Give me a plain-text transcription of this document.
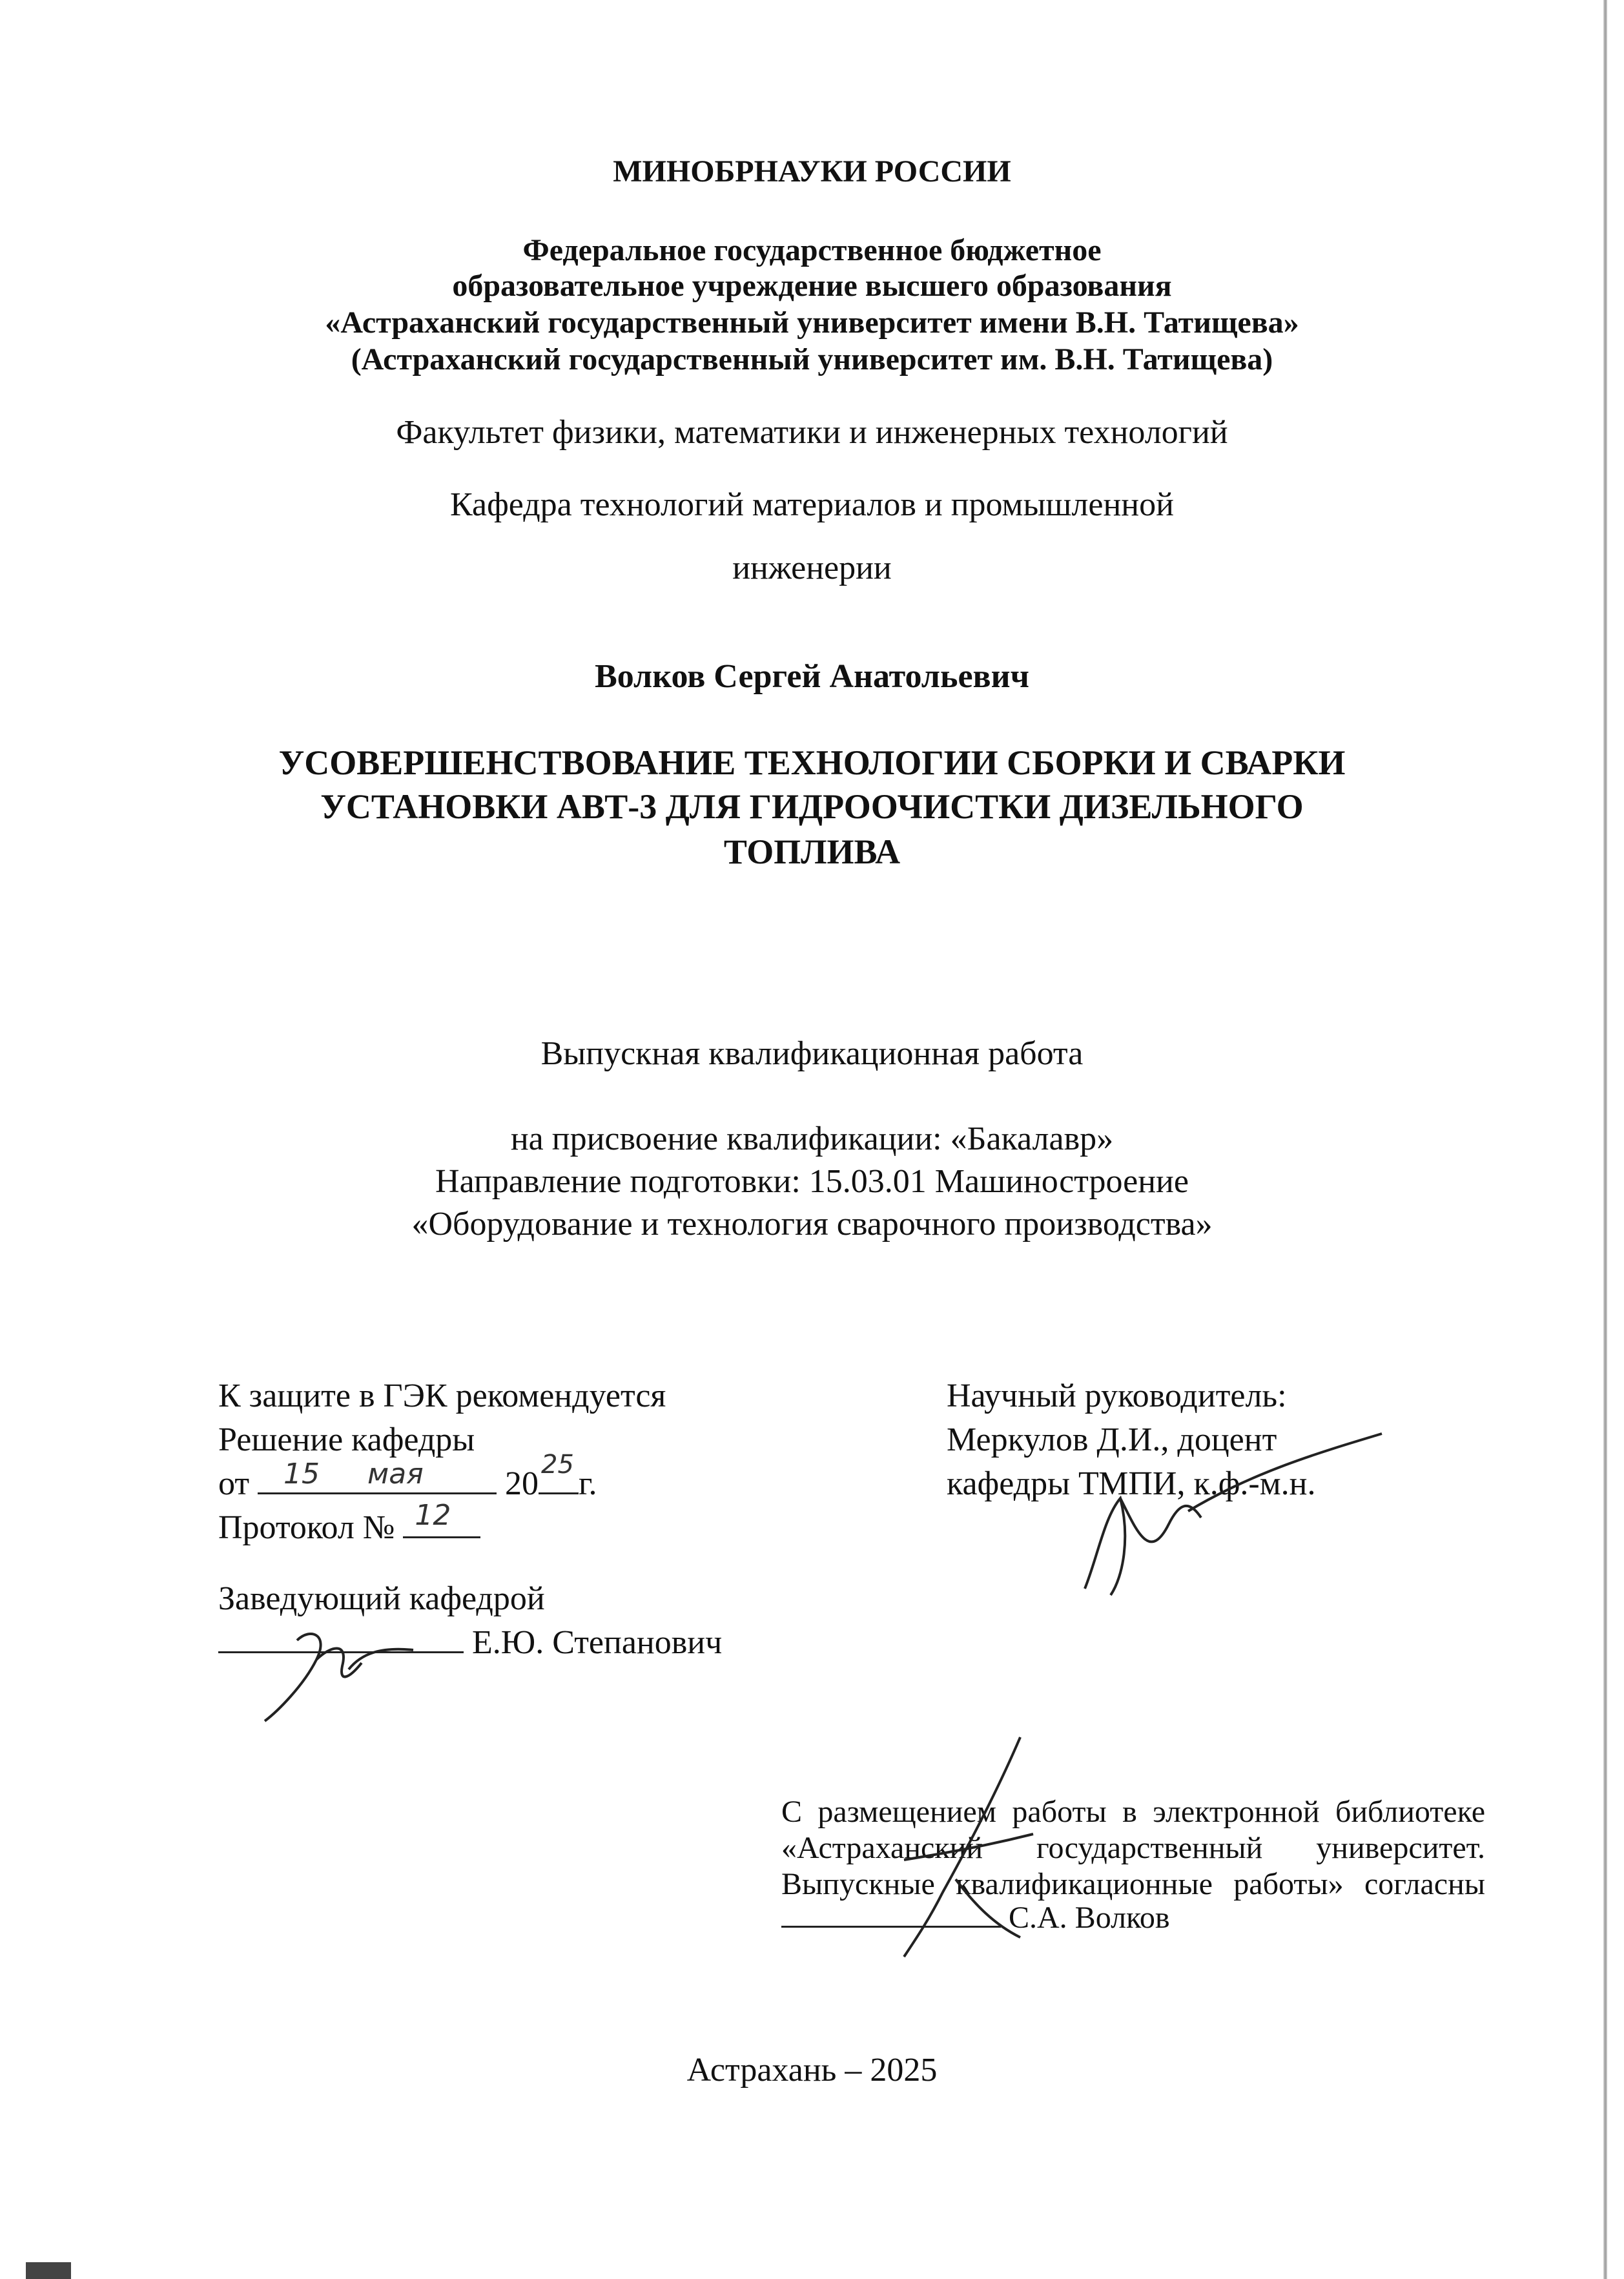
МИНОБРНАУКИ РОССИИ
Федеральное государственное бюджетное
образовательное учреждение высшего образования
«Астраханский государственный университет имени В.Н. Татищева»
(Астраханский государственный университет им. В.Н. Татищева)
Факультет физики, математики и инженерных технологий
Кафедра технологий материалов и промышленной
инженерии
Волков Сергей Анатольевич
УСОВЕРШЕНСТВОВАНИЕ ТЕХНОЛОГИИ СБОРКИ И СВАРКИ
УСТАНОВКИ АВТ-3 ДЛЯ ГИДРООЧИСТКИ ДИЗЕЛЬНОГО
ТОПЛИВА
Выпускная квалификационная работа
на присвоение квалификации: «Бакалавр»
Направление подготовки: 15.03.01 Машиностроение
«Оборудование и технология сварочного производства»
К защите в ГЭК рекомендуется
Решение кафедры
от 15 мая 20
25
г.
Протокол № 12
Заведующий кафедрой
Е.Ю. Степанович
Научный руководитель:
Меркулов Д.И., доцент
кафедры ТМПИ, к.ф.-м.н.

С размещением работы в электронной библиотеке

«Астраханский государственный университет.

Выпускные квалификационные работы» согласны

С.А. Волков
Астрахань – 2025
